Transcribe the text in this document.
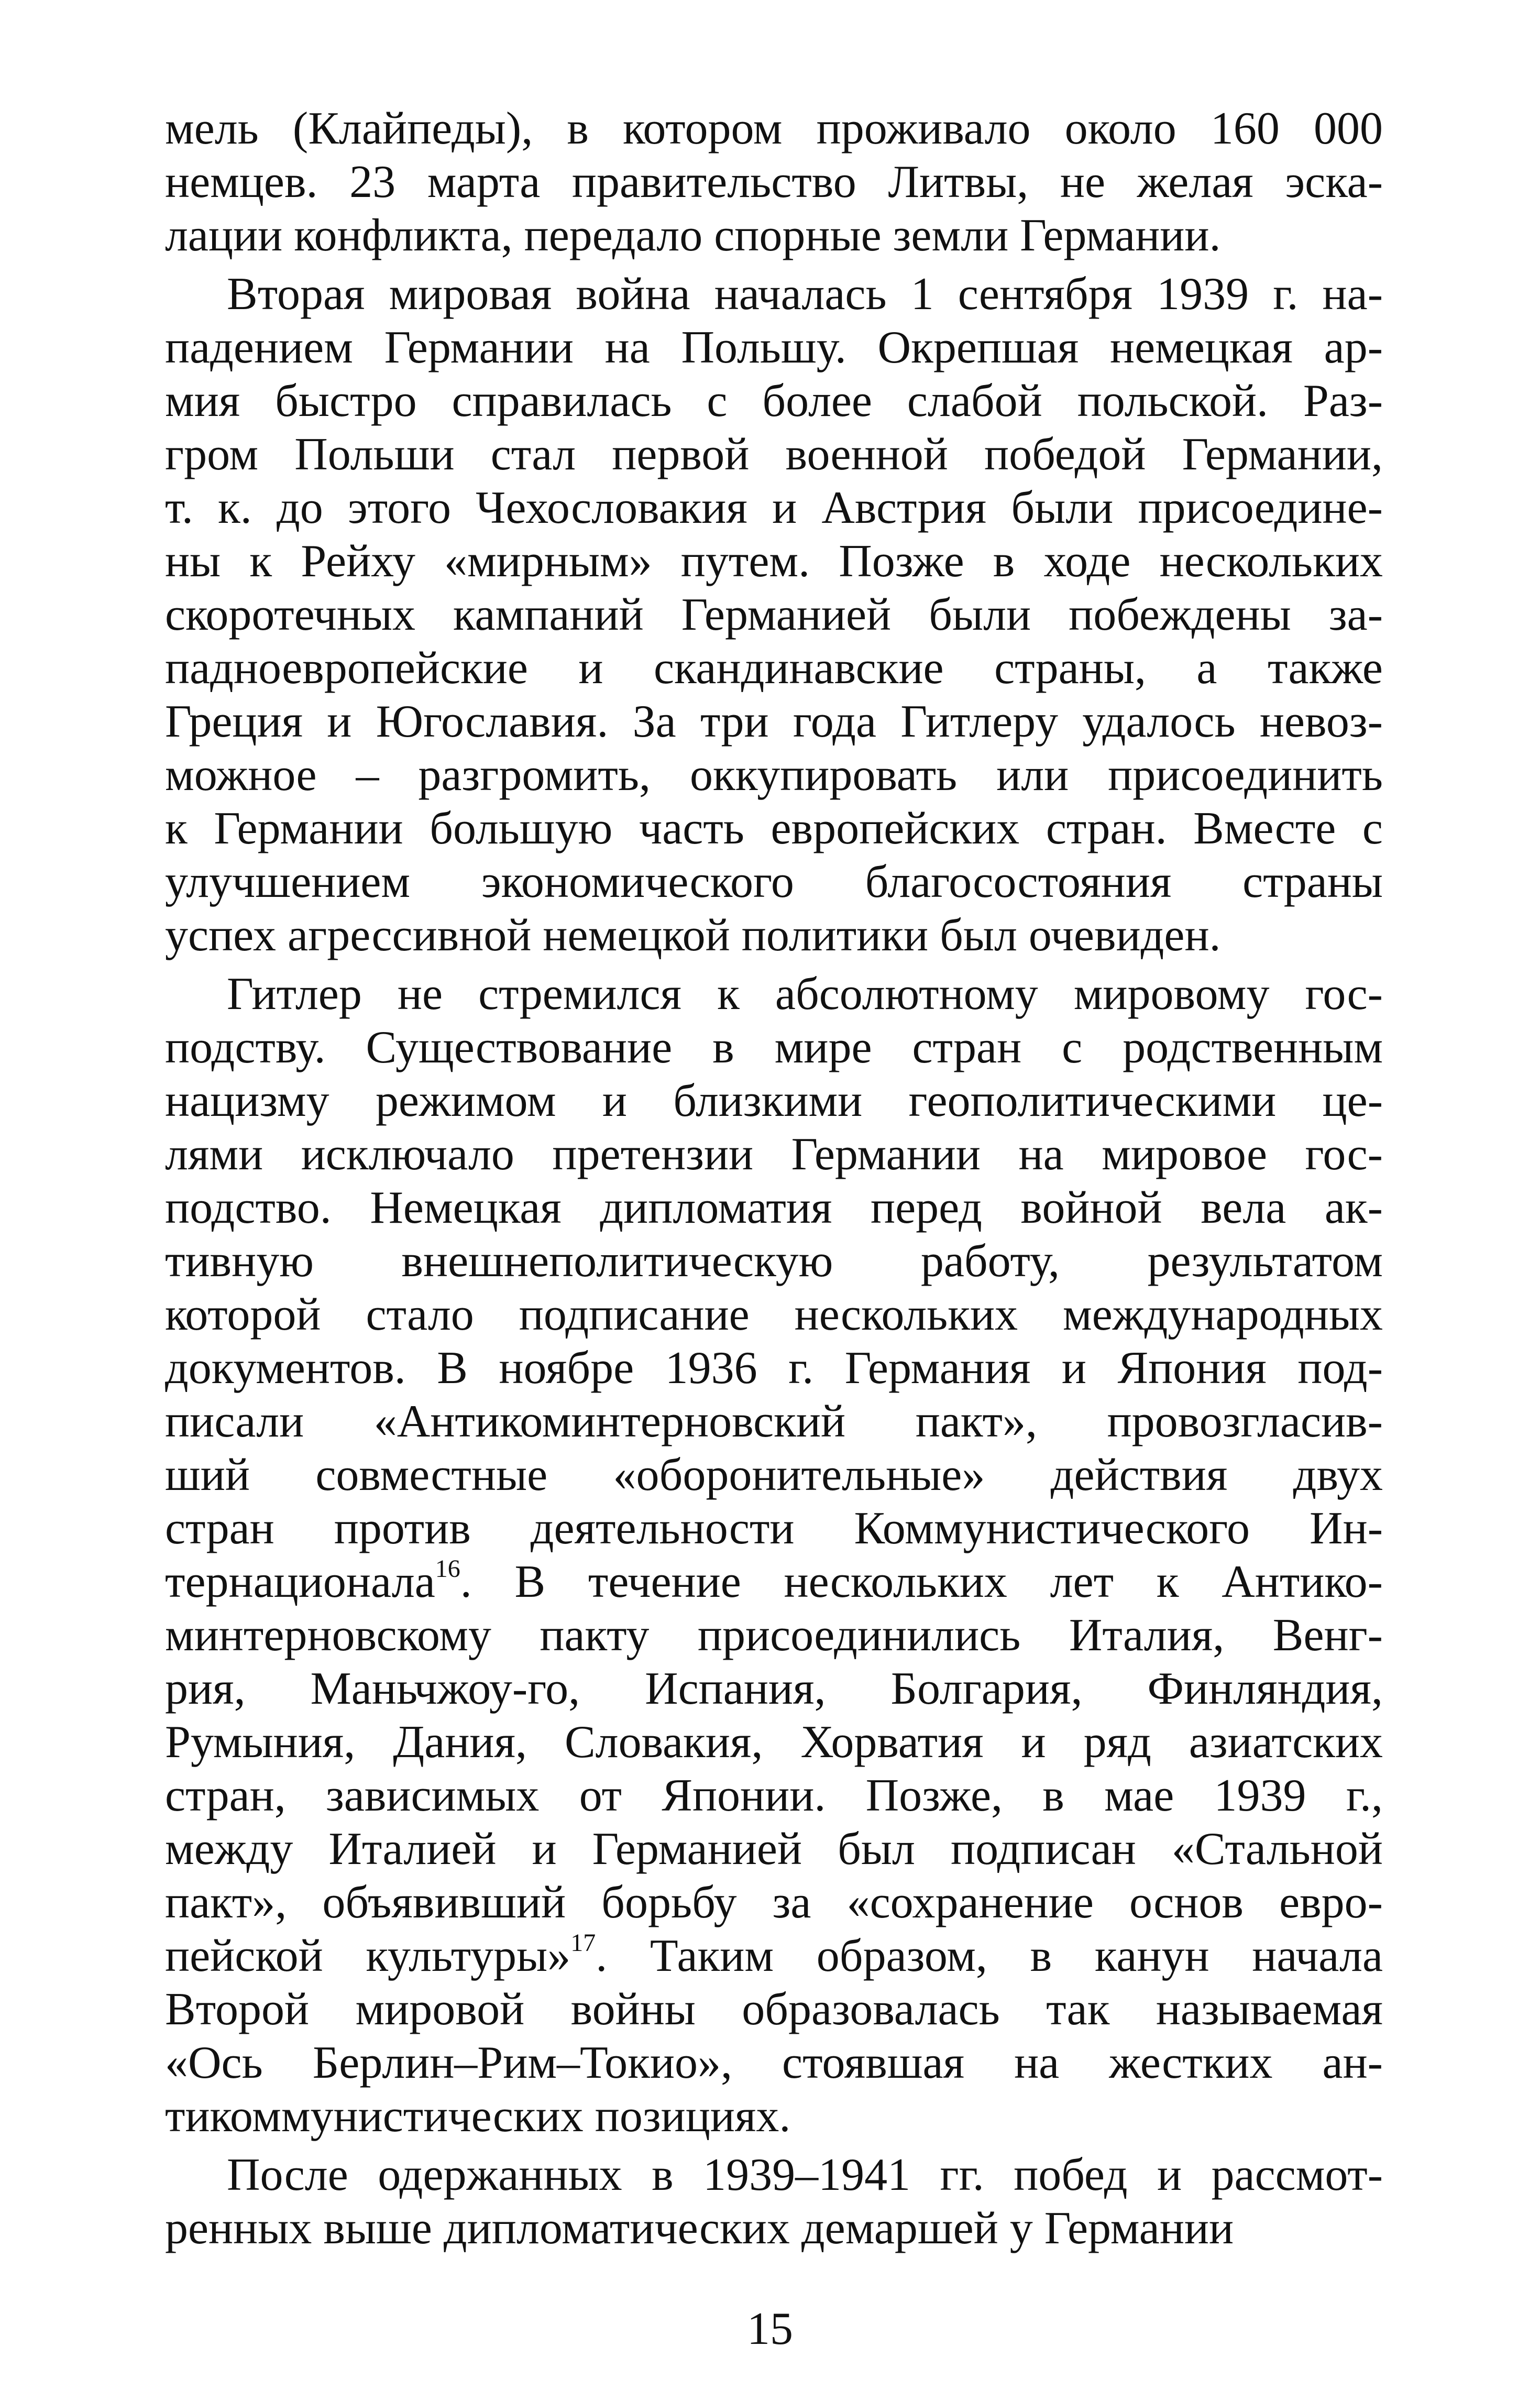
мель (Клайпеды), в котором проживало около 160 000
немцев. 23 марта правительство Литвы, не желая эска-
лации конфликта, передало спорные земли Германии.
Вторая мировая война началась 1 сентября 1939 г. на-
падением Германии на Польшу. Окрепшая немецкая ар-
мия быстро справилась с более слабой польской. Раз-
гром Польши стал первой военной победой Германии,
т. к. до этого Чехословакия и Австрия были присоедине-
ны к Рейху «мирным» путем. Позже в ходе нескольких
скоротечных кампаний Германией были побеждены за-
падноевропейские и скандинавские страны, а также
Греция и Югославия. За три года Гитлеру удалось невоз-
можное – разгромить, оккупировать или присоединить
к Германии большую часть европейских стран. Вместе с
улучшением экономического благосостояния страны
успех агрессивной немецкой политики был очевиден.
Гитлер не стремился к абсолютному мировому гос-
подству. Существование в мире стран с родственным
нацизму режимом и близкими геополитическими це-
лями исключало претензии Германии на мировое гос-
подство. Немецкая дипломатия перед войной вела ак-
тивную внешнеполитическую работу, результатом
которой стало подписание нескольких международных
документов. В ноябре 1936 г. Германия и Япония под-
писали «Антикоминтерновский пакт», провозгласив-
ший совместные «оборонительные» действия двух
стран против деятельности Коммунистического Ин-
тернационала$^{16}$. В течение нескольких лет к Антико-
минтерновскому пакту присоединились Италия, Венг-
рия, Маньчжоу-го, Испания, Болгария, Финляндия,
Румыния, Дания, Словакия, Хорватия и ряд азиатских
стран, зависимых от Японии. Позже, в мае 1939 г.,
между Италией и Германией был подписан «Стальной
пакт», объявивший борьбу за «сохранение основ евро-
пейской культуры»$^{17}$. Таким образом, в канун начала
Второй мировой войны образовалась так называемая
«Ось Берлин–Рим–Токио», стоявшая на жестких ан-
тикоммунистических позициях.
После одержанных в 1939–1941 гг. побед и рассмот-
ренных выше дипломатических демаршей у Германии
15
